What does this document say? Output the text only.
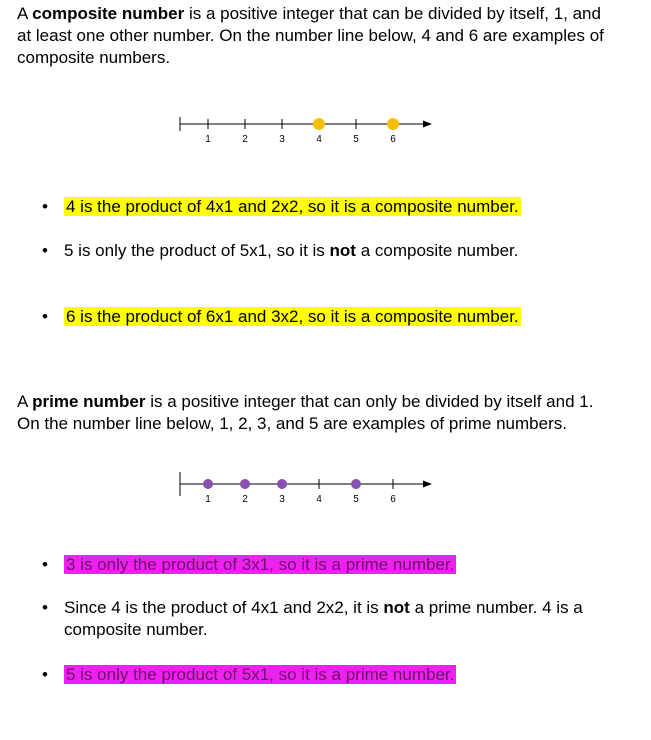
A composite number is a positive integer that can be divided by itself, 1, and at least one other number. On the number line below, 4 and 6 are examples of composite numbers.
1	2	3	4	5	6
• 4 is the product of 4x1 and 2x2, so it is a composite number.
• 5 is only the product of 5x1, so it is not a composite number.
• 6 is the product of 6x1 and 3x2, so it is a composite number.
A prime number is a positive integer that can only be divided by itself and 1. On the number line below, 1, 2, 3, and 5 are examples of prime numbers.
1	2	3	4	5	6
• 3 is only the product of 3x1, so it is a prime number.
• Since 4 is the product of 4x1 and 2x2, it is not a prime number. 4 is a composite number.
• 5 is only the product of 5x1, so it is a prime number.
